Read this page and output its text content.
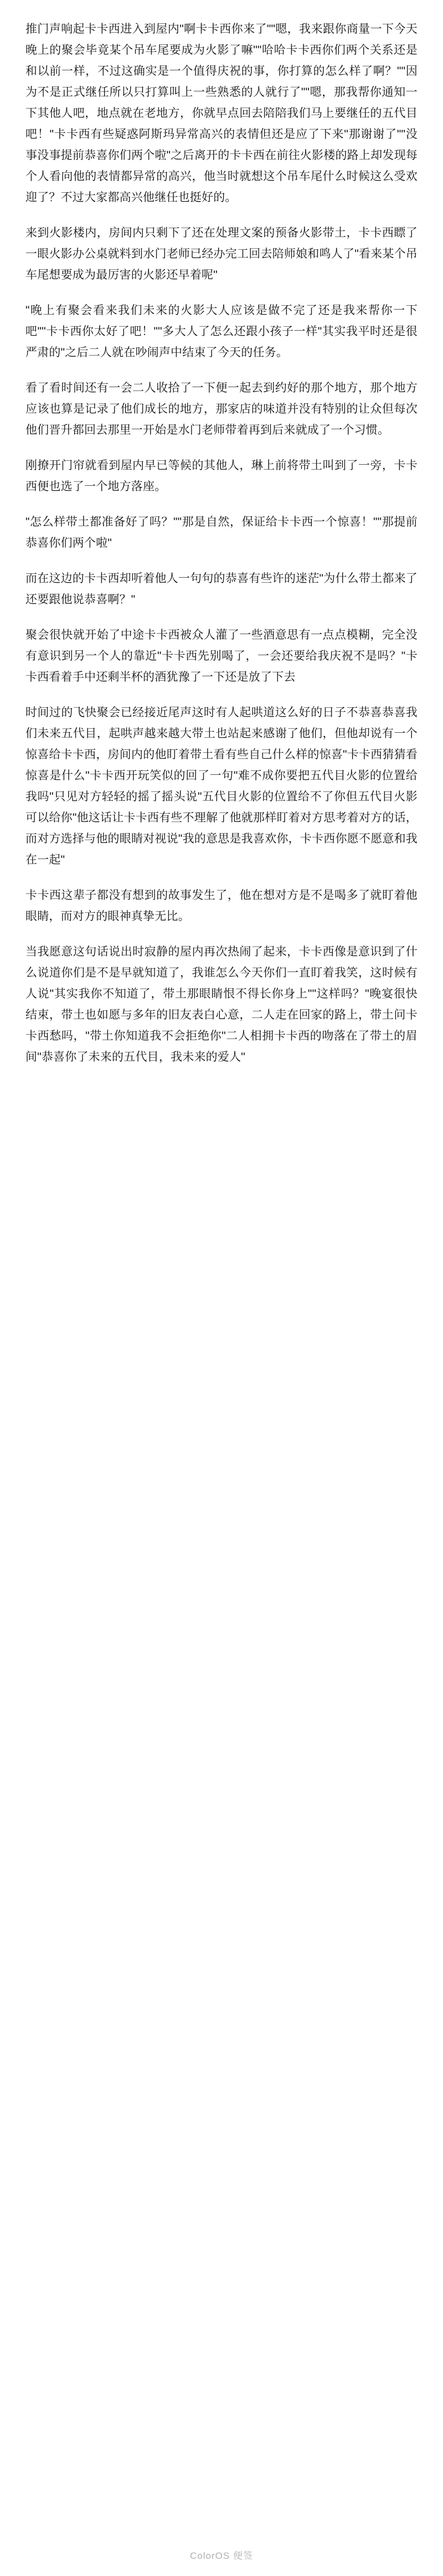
推门声响起卡卡西进入到屋内"啊卡卡西你来了""嗯，我来跟你商量一下今天晚上的聚会毕竟某个吊车尾要成为火影了嘛""哈哈卡卡西你们两个关系还是和以前一样，不过这确实是一个值得庆祝的事，你打算的怎么样了啊？""因为不是正式继任所以只打算叫上一些熟悉的人就行了""嗯，那我帮你通知一下其他人吧，地点就在老地方，你就早点回去陪陪我们马上要继任的五代目吧！"卡卡西有些疑惑阿斯玛异常高兴的表情但还是应了下来"那谢谢了""没事没事提前恭喜你们两个啦"之后离开的卡卡西在前往火影楼的路上却发现每个人看向他的表情都异常的高兴，他当时就想这个吊车尾什么时候这么受欢迎了？不过大家都高兴他继任也挺好的。

来到火影楼内，房间内只剩下了还在处理文案的预备火影带土，卡卡西瞟了一眼火影办公桌就料到水门老师已经办完工回去陪师娘和鸣人了"看来某个吊车尾想要成为最厉害的火影还早着呢"

"晚上有聚会看来我们未来的火影大人应该是做不完了还是我来帮你一下吧""卡卡西你太好了吧！""多大人了怎么还跟小孩子一样"其实我平时还是很严肃的"之后二人就在吵闹声中结束了今天的任务。

看了看时间还有一会二人收拾了一下便一起去到约好的那个地方，那个地方应该也算是记录了他们成长的地方，那家店的味道并没有特别的让众但每次他们晋升都回去那里一开始是水门老师带着再到后来就成了一个习惯。

刚撩开门帘就看到屋内早已等候的其他人，琳上前将带土叫到了一旁，卡卡西便也选了一个地方落座。

"怎么样带土都准备好了吗？""那是自然，保证给卡卡西一个惊喜！""那提前恭喜你们两个啦"

而在这边的卡卡西却听着他人一句句的恭喜有些许的迷茫"为什么带土都来了还要跟他说恭喜啊？"

聚会很快就开始了中途卡卡西被众人灌了一些酒意思有一点点模糊，完全没有意识到另一个人的靠近"卡卡西先别喝了，一会还要给我庆祝不是吗？"卡卡西看着手中还剩半杯的酒犹豫了一下还是放了下去

时间过的飞快聚会已经接近尾声这时有人起哄道这么好的日子不恭喜恭喜我们未来五代目，起哄声越来越大带土也站起来感谢了他们，但他却说有一个惊喜给卡卡西，房间内的他盯着带土看有些自己什么样的惊喜"卡卡西猜猜看惊喜是什么"卡卡西开玩笑似的回了一句"难不成你要把五代目火影的位置给我吗"只见对方轻轻的摇了摇头说"五代目火影的位置给不了你但五代目火影可以给你"他这话让卡卡西有些不理解了他就那样盯着对方思考着对方的话，而对方选择与他的眼睛对视说"我的意思是我喜欢你，卡卡西你愿不愿意和我在一起"

卡卡西这辈子都没有想到的故事发生了，他在想对方是不是喝多了就盯着他眼睛，而对方的眼神真挚无比。

当我愿意这句话说出时寂静的屋内再次热闹了起来，卡卡西像是意识到了什么说道你们是不是早就知道了，我谁怎么今天你们一直盯着我笑，这时候有人说"其实我你不知道了，带土那眼睛恨不得长你身上""这样吗？"晚宴很快结束，带土也如愿与多年的旧友表白心意，二人走在回家的路上，带土问卡卡西愁吗，"带土你知道我不会拒绝你"二人相拥卡卡西的吻落在了带土的眉间"恭喜你了未来的五代目，我未来的爱人"

ColorOS 便签
